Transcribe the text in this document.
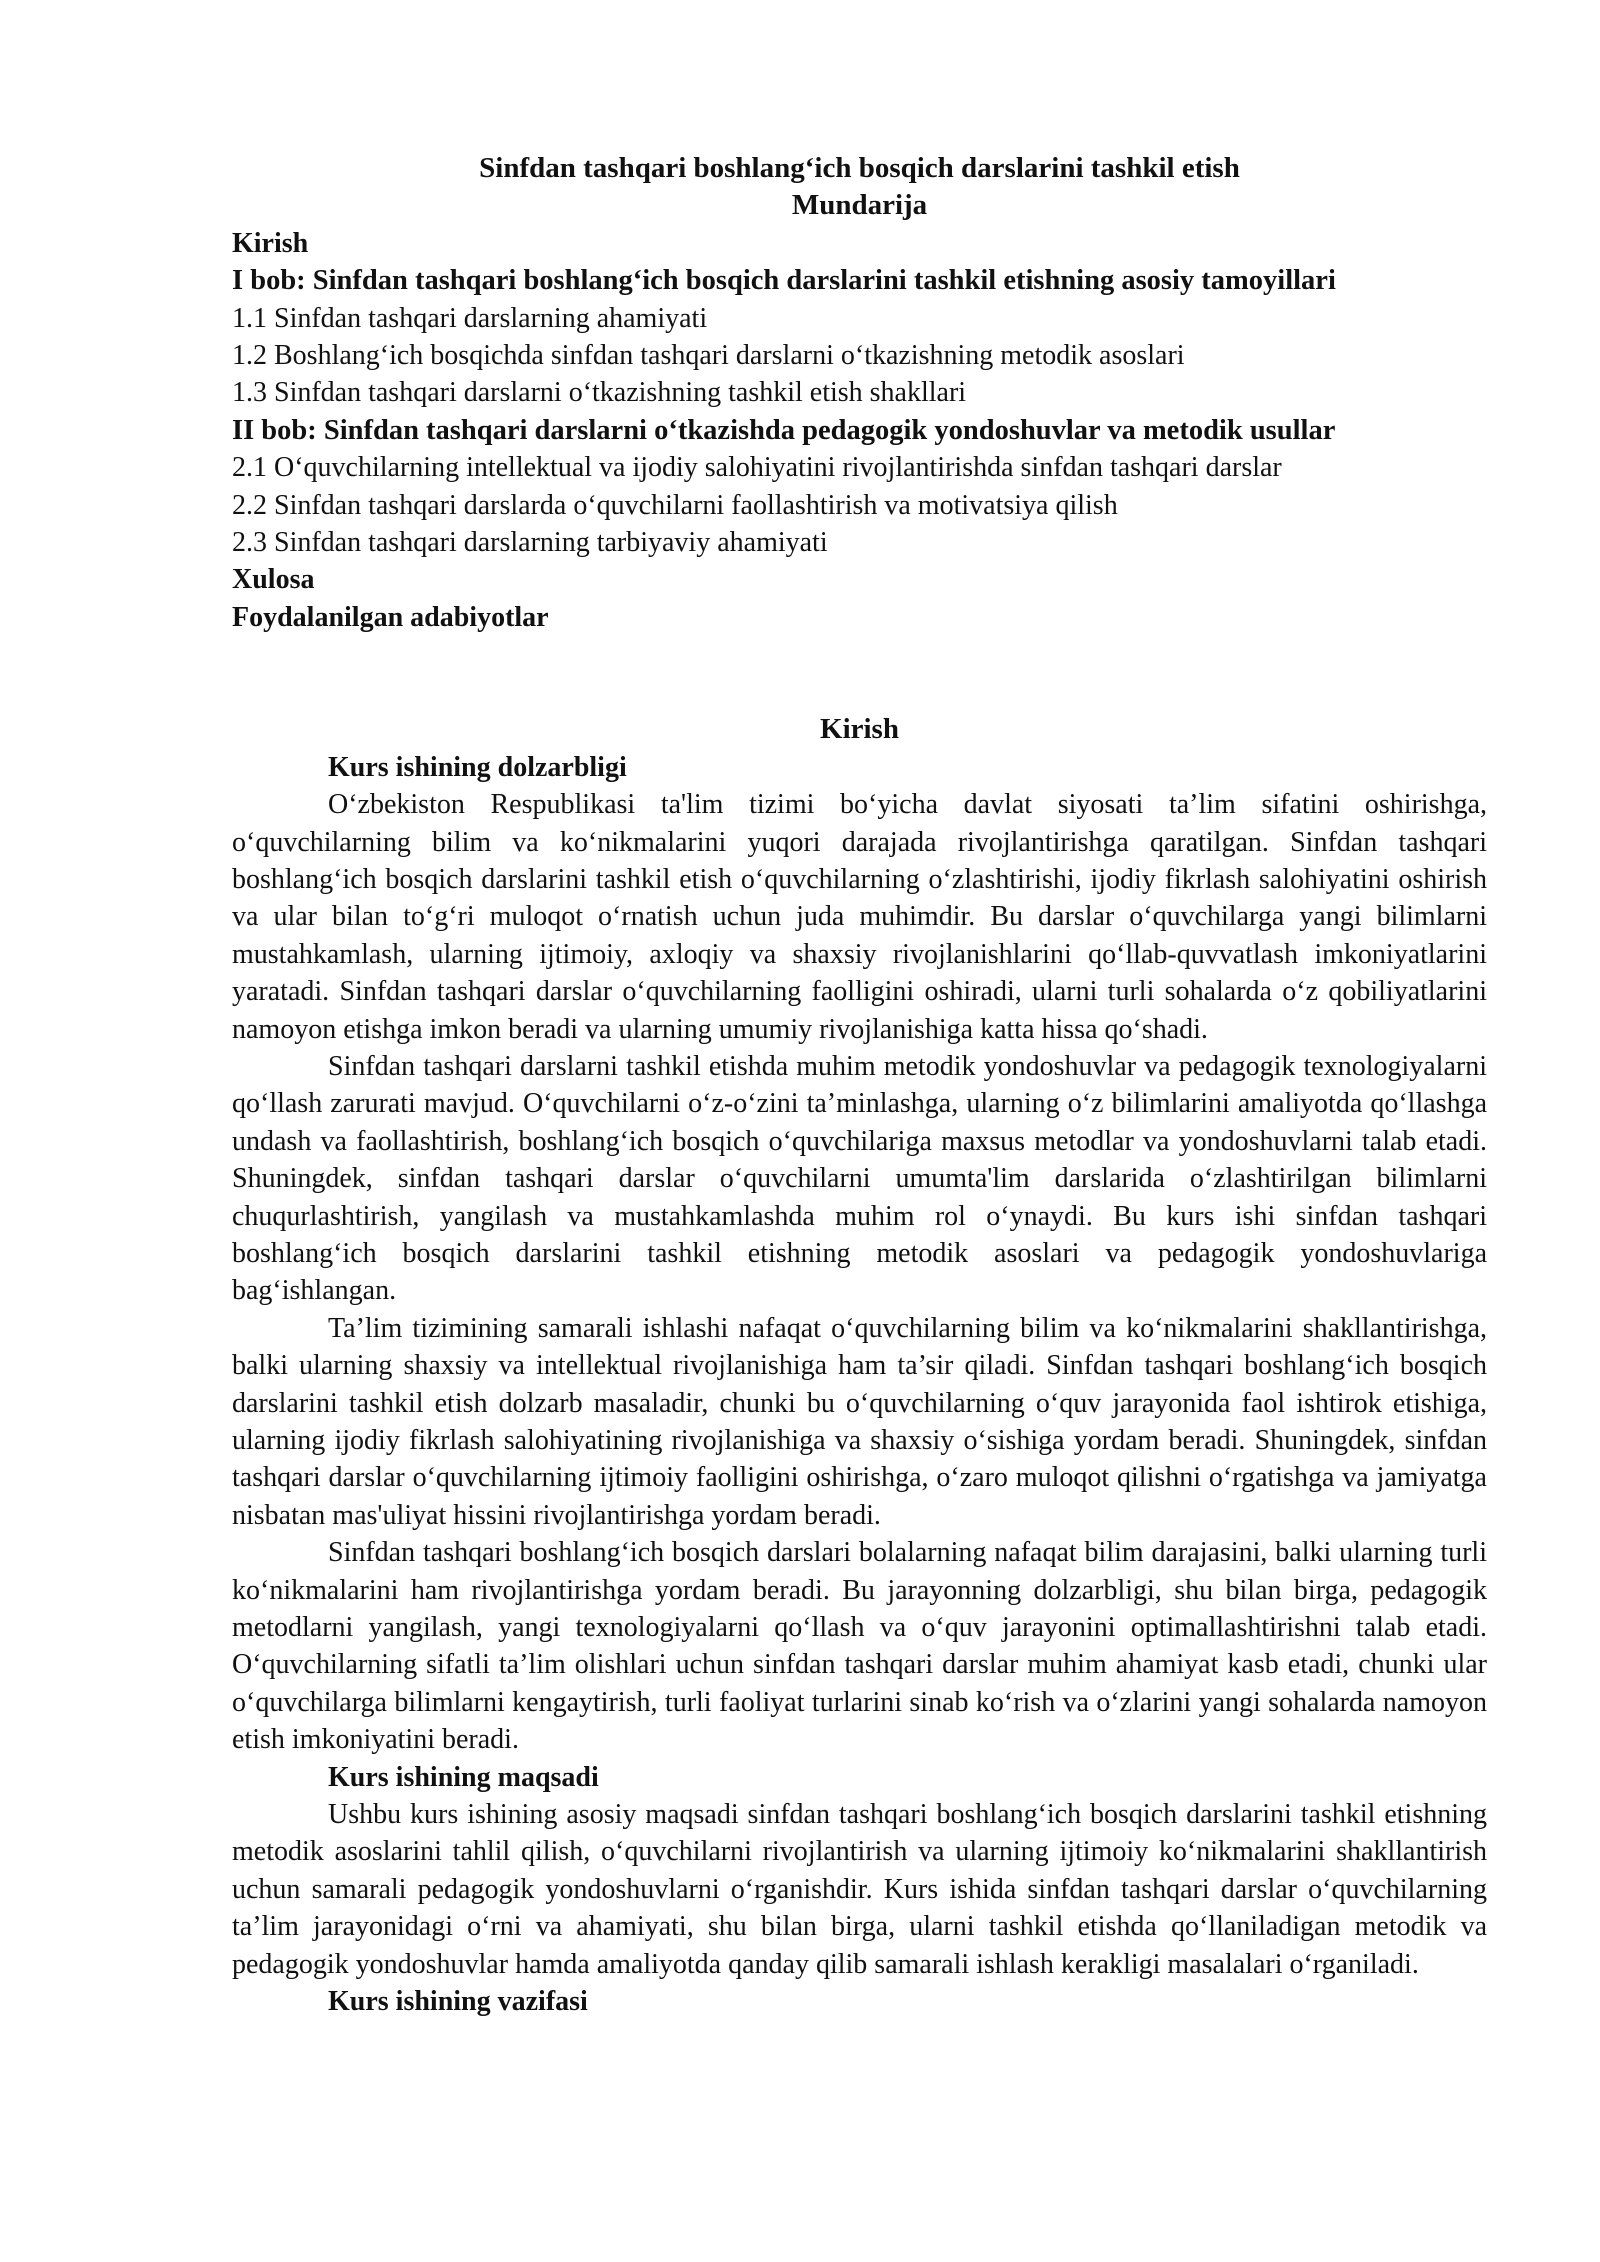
Sinfdan tashqari boshlang‘ich bosqich darslarini tashkil etish

Mundarija

Kirish

I bob: Sinfdan tashqari boshlang‘ich bosqich darslarini tashkil etishning asosiy tamoyillari

1.1 Sinfdan tashqari darslarning ahamiyati

1.2 Boshlang‘ich bosqichda sinfdan tashqari darslarni o‘tkazishning metodik asoslari

1.3 Sinfdan tashqari darslarni o‘tkazishning tashkil etish shakllari

II bob: Sinfdan tashqari darslarni o‘tkazishda pedagogik yondoshuvlar va metodik usullar

2.1 O‘quvchilarning intellektual va ijodiy salohiyatini rivojlantirishda sinfdan tashqari darslar

2.2 Sinfdan tashqari darslarda o‘quvchilarni faollashtirish va motivatsiya qilish

2.3 Sinfdan tashqari darslarning tarbiyaviy ahamiyati

Xulosa

Foydalanilgan adabiyotlar

Kirish

Kurs ishining dolzarbligi

O‘zbekiston Respublikasi ta'lim tizimi bo‘yicha davlat siyosati ta’lim sifatini oshirishga, o‘quvchilarning bilim va ko‘nikmalarini yuqori darajada rivojlantirishga qaratilgan. Sinfdan tashqari boshlang‘ich bosqich darslarini tashkil etish o‘quvchilarning o‘zlashtirishi, ijodiy fikrlash salohiyatini oshirish va ular bilan to‘g‘ri muloqot o‘rnatish uchun juda muhimdir. Bu darslar o‘quvchilarga yangi bilimlarni mustahkamlash, ularning ijtimoiy, axloqiy va shaxsiy rivojlanishlarini qo‘llab-quvvatlash imkoniyatlarini yaratadi. Sinfdan tashqari darslar o‘quvchilarning faolligini oshiradi, ularni turli sohalarda o‘z qobiliyatlarini namoyon etishga imkon beradi va ularning umumiy rivojlanishiga katta hissa qo‘shadi.

Sinfdan tashqari darslarni tashkil etishda muhim metodik yondoshuvlar va pedagogik texnologiyalarni qo‘llash zarurati mavjud. O‘quvchilarni o‘z-o‘zini ta’minlashga, ularning o‘z bilimlarini amaliyotda qo‘llashga undash va faollashtirish, boshlang‘ich bosqich o‘quvchilariga maxsus metodlar va yondoshuvlarni talab etadi. Shuningdek, sinfdan tashqari darslar o‘quvchilarni umumta'lim darslarida o‘zlashtirilgan bilimlarni chuqurlashtirish, yangilash va mustahkamlashda muhim rol o‘ynaydi. Bu kurs ishi sinfdan tashqari boshlang‘ich bosqich darslarini tashkil etishning metodik asoslari va pedagogik yondoshuvlariga bag‘ishlangan.

Ta’lim tizimining samarali ishlashi nafaqat o‘quvchilarning bilim va ko‘nikmalarini shakllantirishga, balki ularning shaxsiy va intellektual rivojlanishiga ham ta’sir qiladi. Sinfdan tashqari boshlang‘ich bosqich darslarini tashkil etish dolzarb masaladir, chunki bu o‘quvchilarning o‘quv jarayonida faol ishtirok etishiga, ularning ijodiy fikrlash salohiyatining rivojlanishiga va shaxsiy o‘sishiga yordam beradi. Shuningdek, sinfdan tashqari darslar o‘quvchilarning ijtimoiy faolligini oshirishga, o‘zaro muloqot qilishni o‘rgatishga va jamiyatga nisbatan mas'uliyat hissini rivojlantirishga yordam beradi.

Sinfdan tashqari boshlang‘ich bosqich darslari bolalarning nafaqat bilim darajasini, balki ularning turli ko‘nikmalarini ham rivojlantirishga yordam beradi. Bu jarayonning dolzarbligi, shu bilan birga, pedagogik metodlarni yangilash, yangi texnologiyalarni qo‘llash va o‘quv jarayonini optimallashtirishni talab etadi. O‘quvchilarning sifatli ta’lim olishlari uchun sinfdan tashqari darslar muhim ahamiyat kasb etadi, chunki ular o‘quvchilarga bilimlarni kengaytirish, turli faoliyat turlarini sinab ko‘rish va o‘zlarini yangi sohalarda namoyon etish imkoniyatini beradi.

Kurs ishining maqsadi

Ushbu kurs ishining asosiy maqsadi sinfdan tashqari boshlang‘ich bosqich darslarini tashkil etishning metodik asoslarini tahlil qilish, o‘quvchilarni rivojlantirish va ularning ijtimoiy ko‘nikmalarini shakllantirish uchun samarali pedagogik yondoshuvlarni o‘rganishdir. Kurs ishida sinfdan tashqari darslar o‘quvchilarning ta’lim jarayonidagi o‘rni va ahamiyati, shu bilan birga, ularni tashkil etishda qo‘llaniladigan metodik va pedagogik yondoshuvlar hamda amaliyotda qanday qilib samarali ishlash kerakligi masalalari o‘rganiladi.

Kurs ishining vazifasi
